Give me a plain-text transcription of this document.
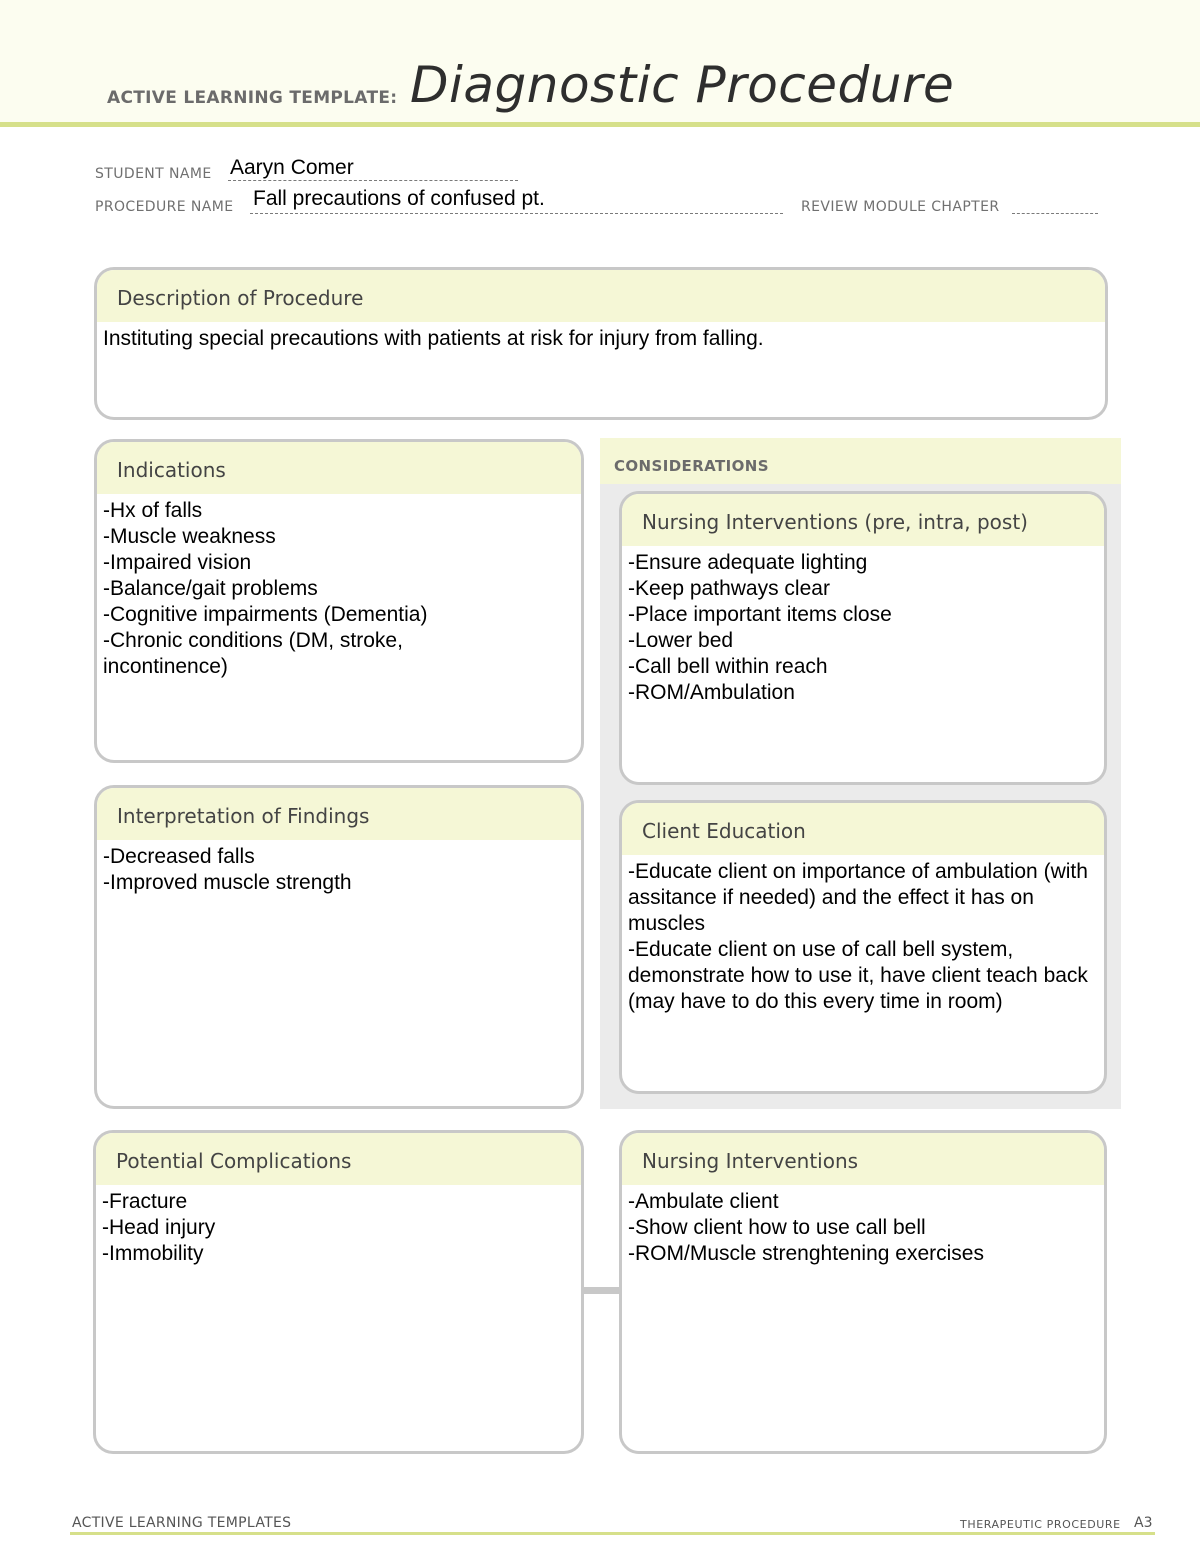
ACTIVE LEARNING TEMPLATE: Diagnostic Procedure
STUDENT NAME Aaryn Comer
PROCEDURE NAME Fall precautions of confused pt.	REVIEW MODULE CHAPTER
Description of Procedure
Instituting special precautions with patients at risk for injury from falling.
CONSIDERATIONS
Indications
-Hx of falls
-Muscle weakness
-Impaired vision
-Balance/gait problems
-Cognitive impairments (Dementia)
-Chronic conditions (DM, stroke, incontinence)
Nursing Interventions (pre, intra, post)
-Ensure adequate lighting
-Keep pathways clear
-Place important items close
-Lower bed
-Call bell within reach
-ROM/Ambulation
Interpretation of Findings
-Decreased falls
-Improved muscle strength
Client Education
-Educate client on importance of ambulation (with assitance if needed) and the effect it has on muscles
-Educate client on use of call bell system, demonstrate how to use it, have client teach back (may have to do this every time in room)
Potential Complications
-Fracture
-Head injury
-Immobility
Nursing Interventions
-Ambulate client
-Show client how to use call bell
-ROM/Muscle strenghtening exercises
ACTIVE LEARNING TEMPLATES	THERAPEUTIC PROCEDURE A3
